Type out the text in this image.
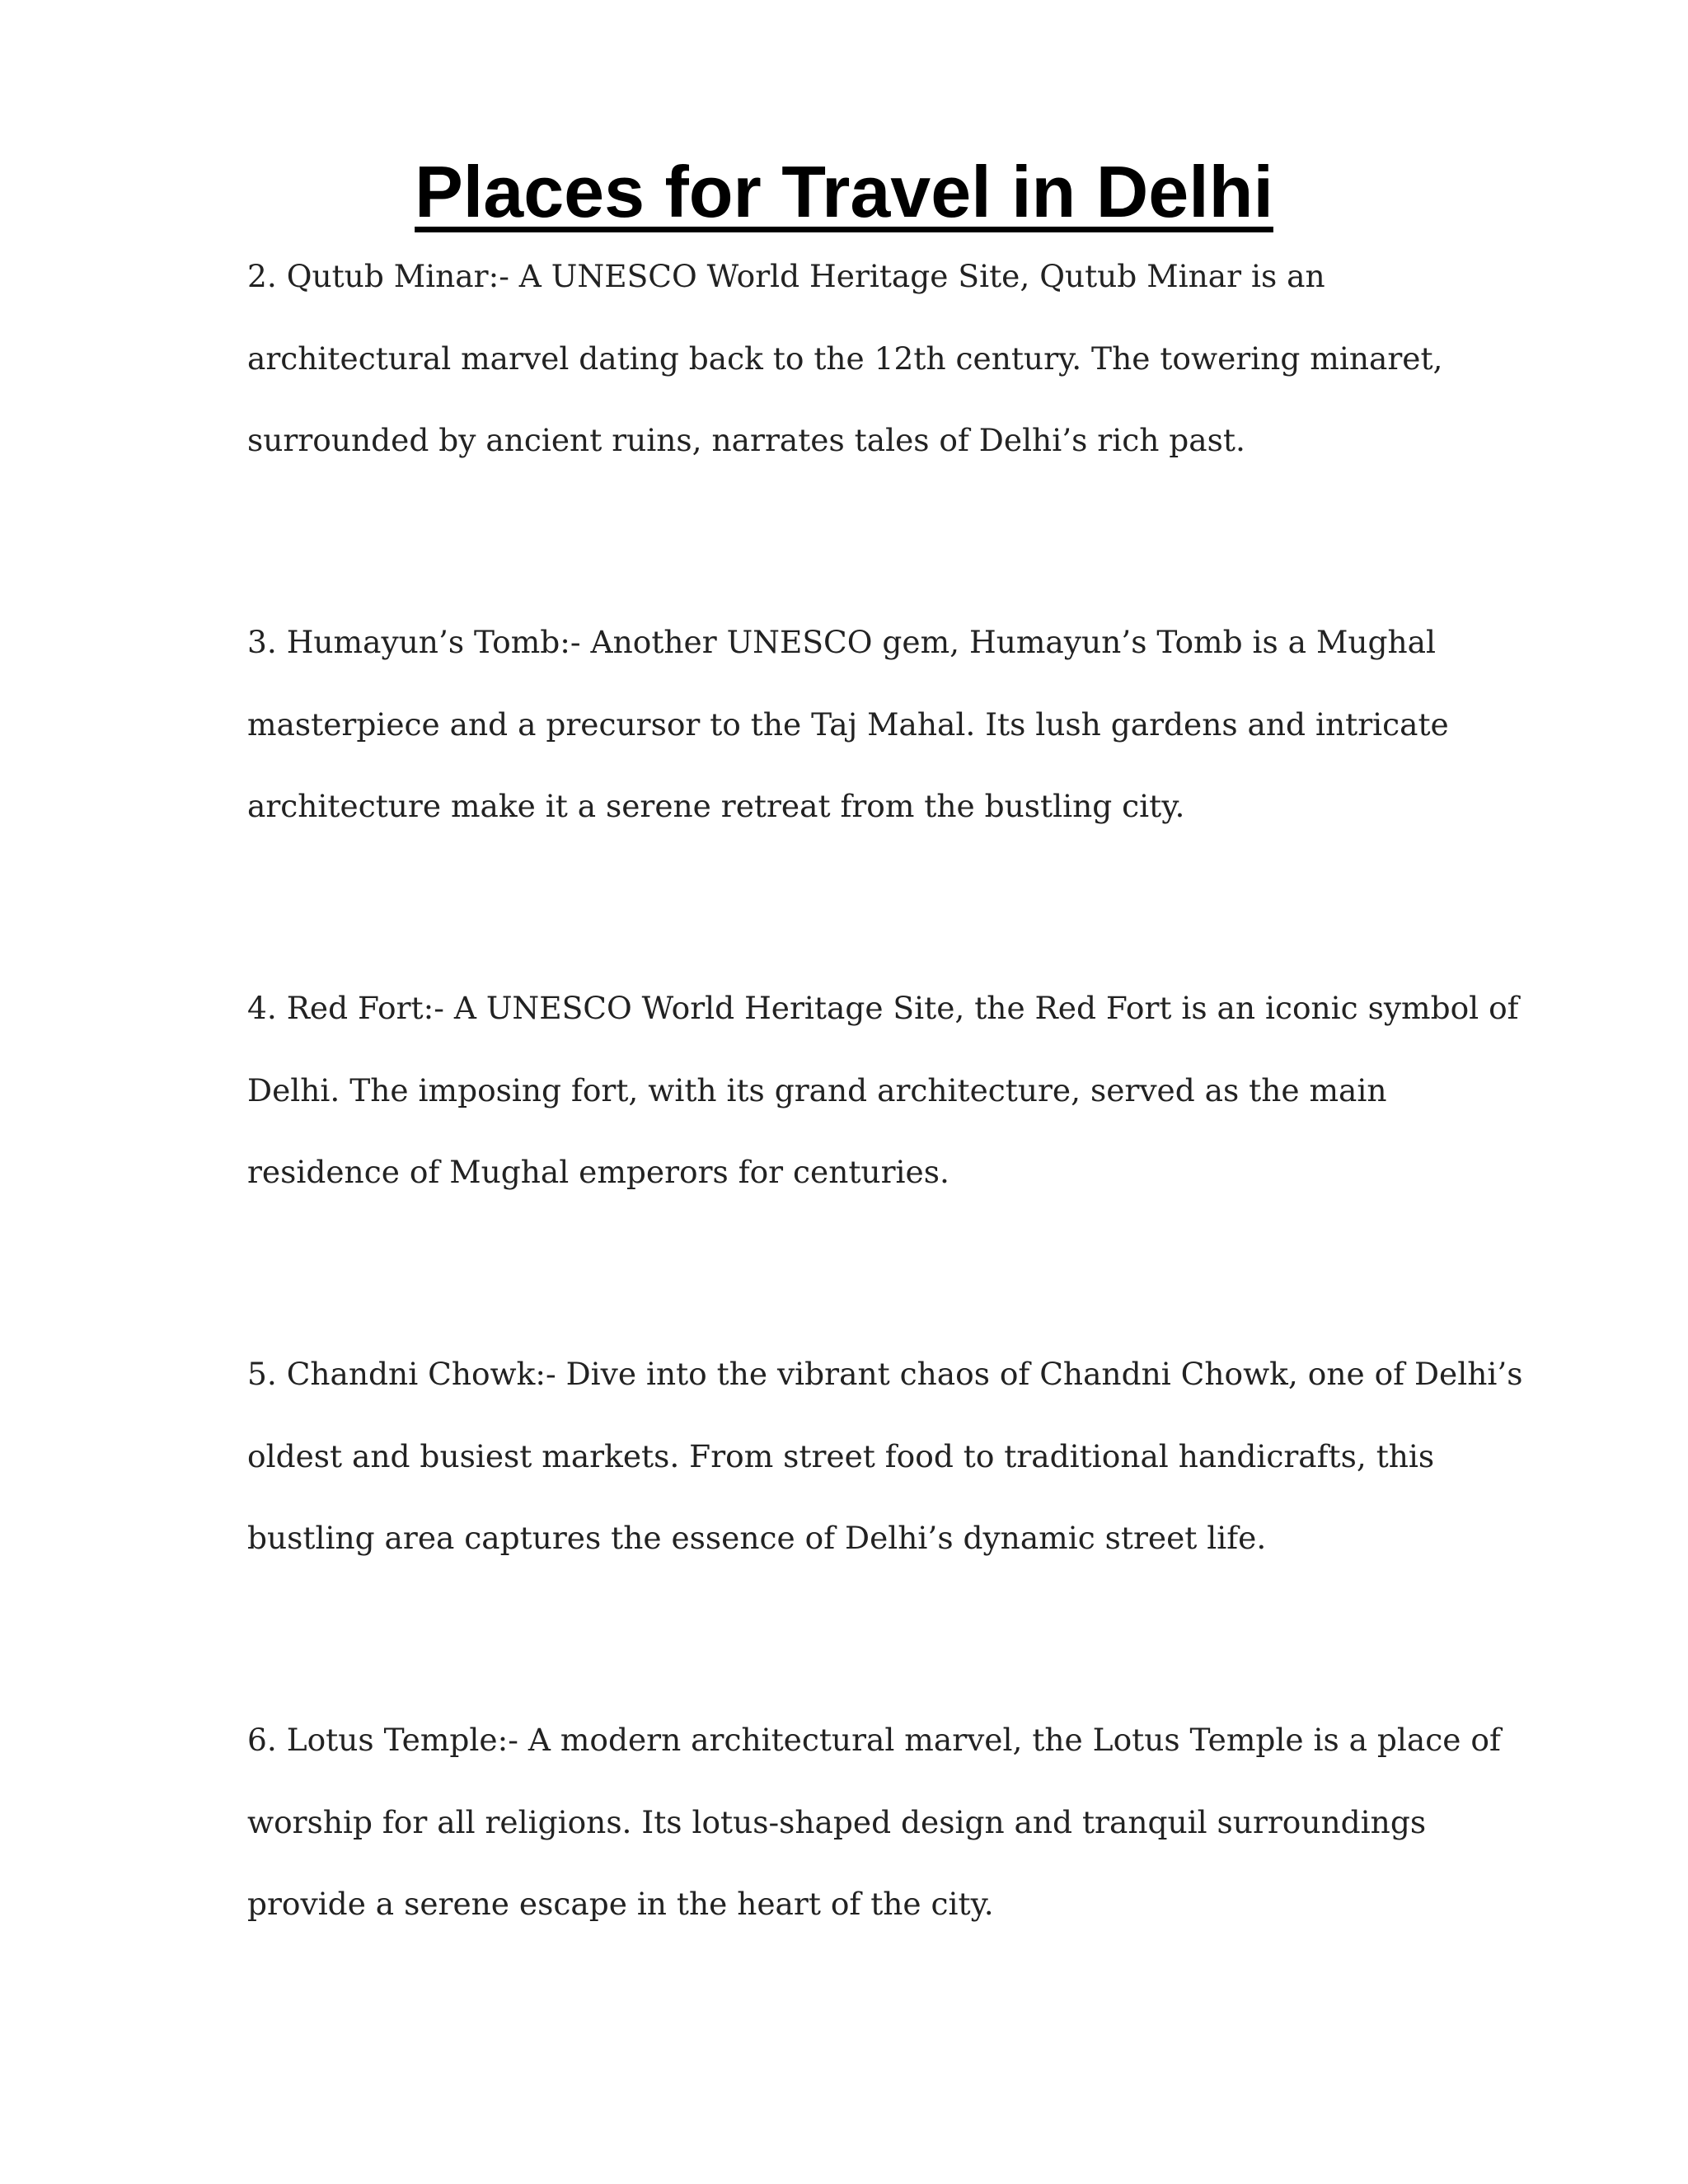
Places for Travel in Delhi

2. Qutub Minar:- A UNESCO World Heritage Site, Qutub Minar is an
architectural marvel dating back to the 12th century. The towering minaret,
surrounded by ancient ruins, narrates tales of Delhi’s rich past.

3. Humayun’s Tomb:- Another UNESCO gem, Humayun’s Tomb is a Mughal
masterpiece and a precursor to the Taj Mahal. Its lush gardens and intricate
architecture make it a serene retreat from the bustling city.

4. Red Fort:- A UNESCO World Heritage Site, the Red Fort is an iconic symbol of
Delhi. The imposing fort, with its grand architecture, served as the main
residence of Mughal emperors for centuries.

5. Chandni Chowk:- Dive into the vibrant chaos of Chandni Chowk, one of Delhi’s
oldest and busiest markets. From street food to traditional handicrafts, this
bustling area captures the essence of Delhi’s dynamic street life.

6. Lotus Temple:- A modern architectural marvel, the Lotus Temple is a place of
worship for all religions. Its lotus-shaped design and tranquil surroundings
provide a serene escape in the heart of the city.
